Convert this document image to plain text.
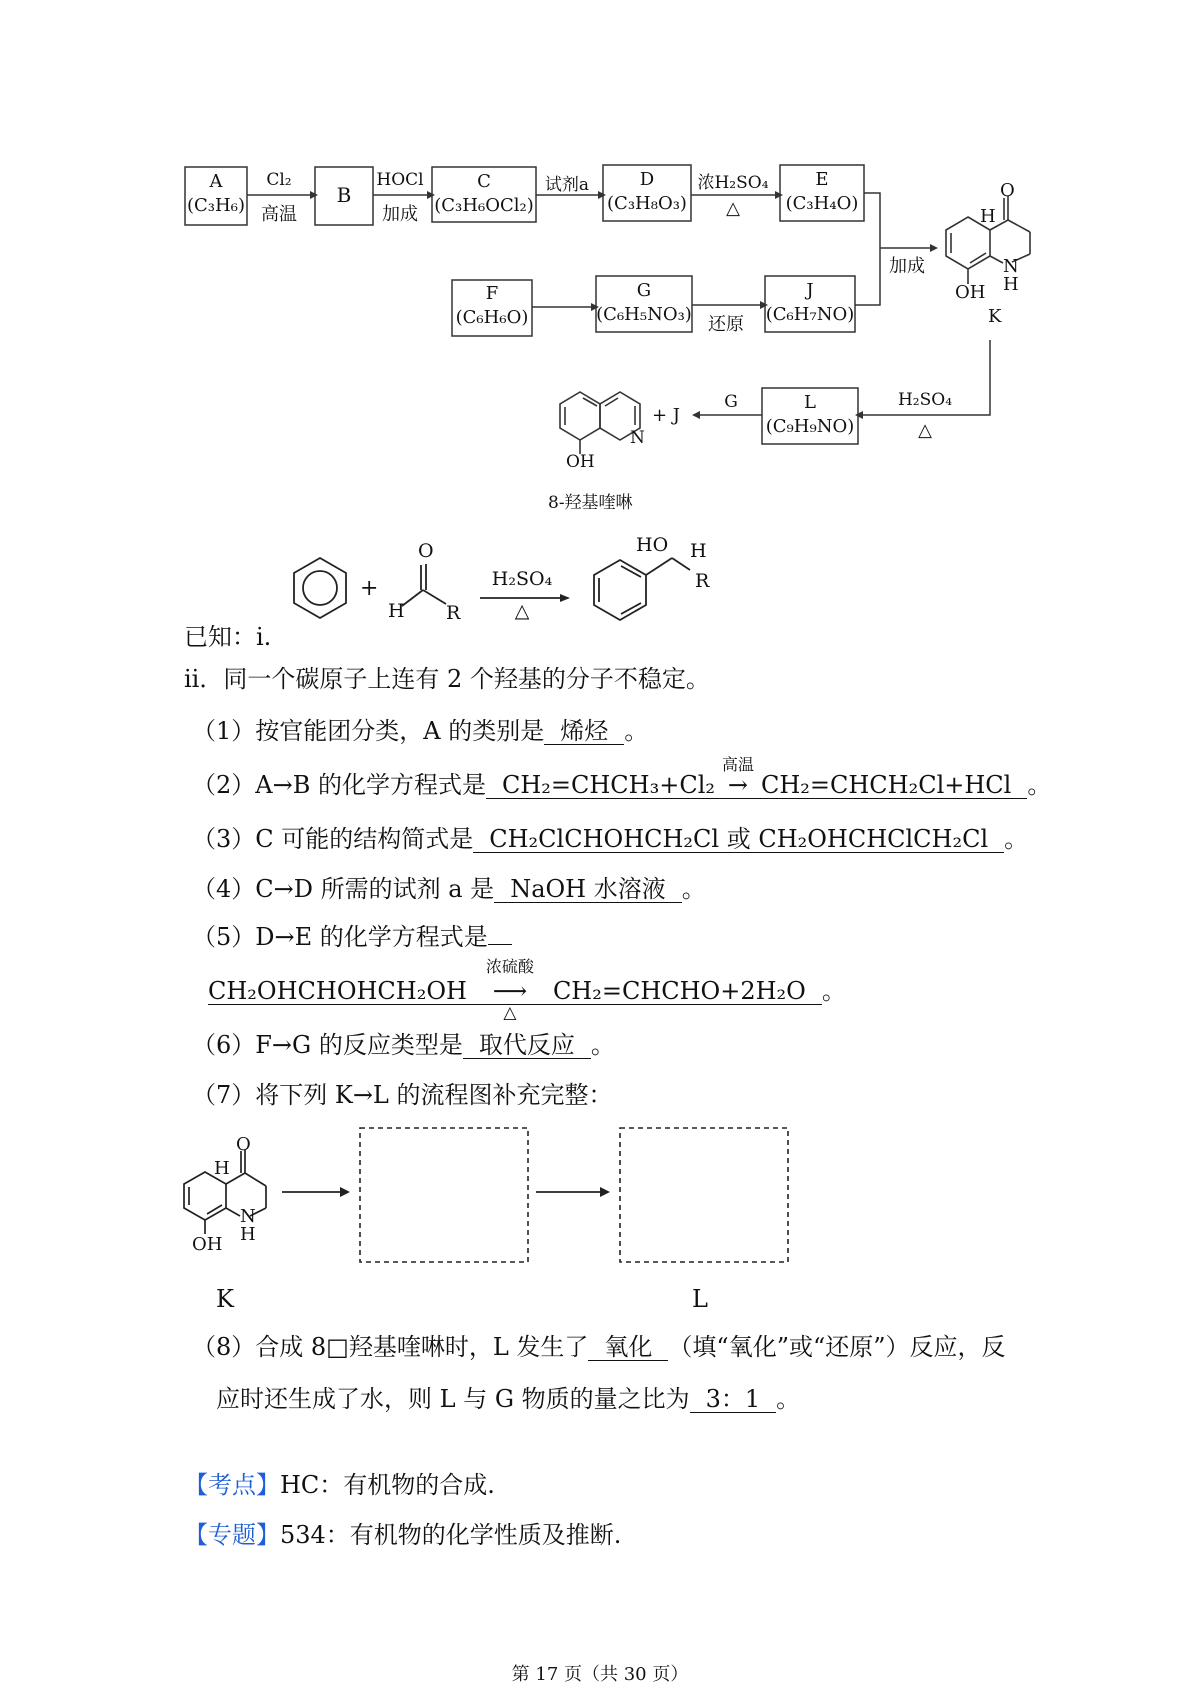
A
(C₃H₆)	B
C
(C₃H₆OCl₂)
D
(C₃H₈O₃)
E
(C₃H₄O)
Cl₂
高温
HOCl
加成
试剂a	浓H₂SO₄
△
F
(C₆H₆O)
G
(C₆H₅NO₃)
J
(C₆H₇NO)
还原
加成
O
H
OH
N
H
K
H₂SO₄
△
L
(C₉H₉NO)
G
+ J
N
OH
8-羟基喹啉
+
O
H R
H₂SO₄
△
HO H
R
已知：i.
ii．同一个碳原子上连有 2 个羟基的分子不稳定。
（1）按官能团分类，A 的类别是 烯烃 。
（2）A→B 的化学方程式是 CH₂=CHCH₃+Cl₂
高温
→ CH₂=CHCH₂Cl+HCl 。
（3）C 可能的结构简式是 CH₂ClCHOHCH₂Cl 或 CH₂OHCHClCH₂Cl 。
（4）C→D 所需的试剂 a 是 NaOH 水溶液 。
（5）D→E 的化学方程式是
CH₂OHCHOHCH₂OH
浓硫酸
⟶
△
CH₂=CHCHO+2H₂O 。
（6）F→G 的反应类型是 取代反应 。
（7）将下列 K→L 的流程图补充完整：
O
H
OH
N
H
K	L
（8）合成 8□羟基喹啉时，L 发生了 氧化 （填“氧化”或“还原”）反应，反
应时还生成了水，则 L 与 G 物质的量之比为 3：1 。
【考点】HC：有机物的合成.
【专题】534：有机物的化学性质及推断.
第 17 页（共 30 页）
